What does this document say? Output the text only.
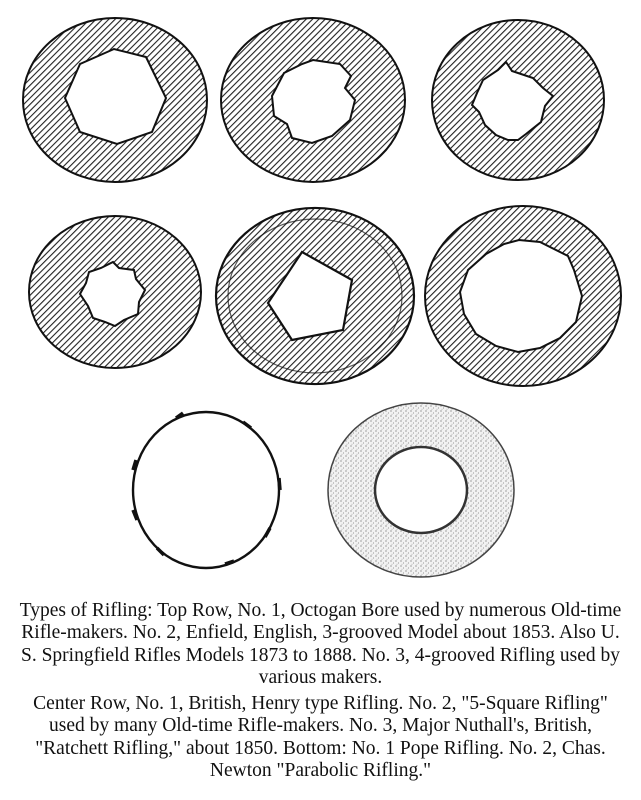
Types of Rifling: Top Row, No. 1, Octogan Bore used by numerous Old-time Rifle-makers. No. 2, Enfield, English, 3-grooved Model about 1853. Also U. S. Springfield Rifles Models 1873 to 1888. No. 3, 4-grooved Rifling used by various makers.

Center Row, No. 1, British, Henry type Rifling. No. 2, "5-Square Rifling" used by many Old-time Rifle-makers. No. 3, Major Nuthall's, British, "Ratchett Rifling," about 1850. Bottom: No. 1 Pope Rifling. No. 2, Chas. Newton "Parabolic Rifling."
